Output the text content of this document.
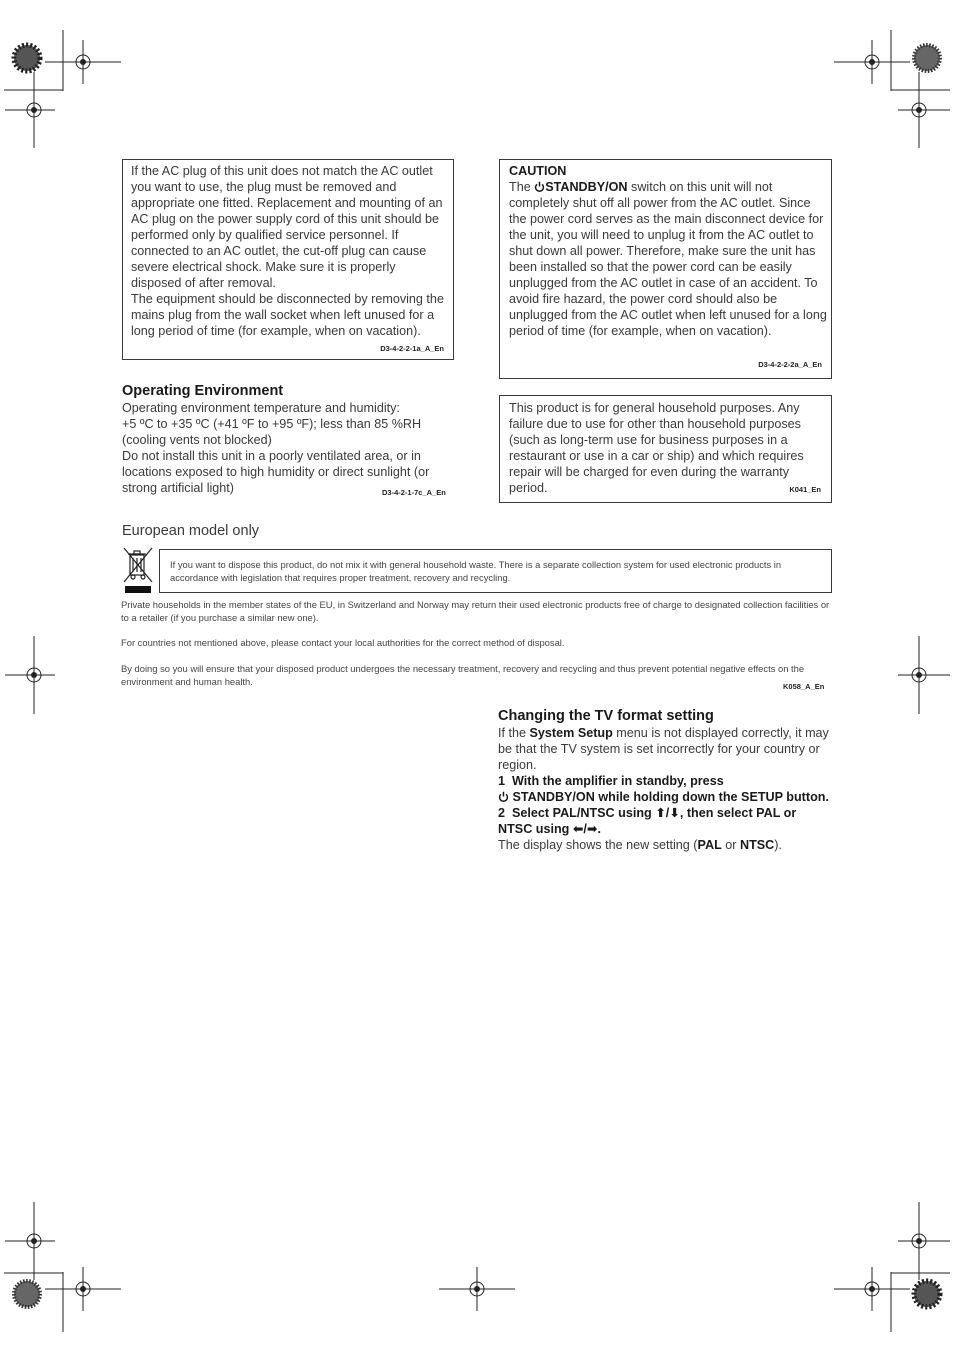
If the AC plug of this unit does not match the AC outlet you want to use, the plug must be removed and appropriate one fitted. Replacement and mounting of an AC plug on the power supply cord of this unit should be performed only by qualified service personnel. If connected to an AC outlet, the cut-off plug can cause severe electrical shock. Make sure it is properly disposed of after removal.
The equipment should be disconnected by removing the mains plug from the wall socket when left unused for a long period of time (for example, when on vacation).
D3-4-2-2-1a_A_En
CAUTION
The STANDBY/ON switch on this unit will not completely shut off all power from the AC outlet. Since the power cord serves as the main disconnect device for the unit, you will need to unplug it from the AC outlet to shut down all power. Therefore, make sure the unit has been installed so that the power cord can be easily unplugged from the AC outlet in case of an accident. To avoid fire hazard, the power cord should also be unplugged from the AC outlet when left unused for a long period of time (for example, when on vacation).
D3-4-2-2-2a_A_En
Operating Environment
Operating environment temperature and humidity:
+5 ºC to +35 ºC (+41 ºF to +95 ºF); less than 85 %RH (cooling vents not blocked)
Do not install this unit in a poorly ventilated area, or in locations exposed to high humidity or direct sunlight (or strong artificial light)	D3-4-2-1-7c_A_En
This product is for general household purposes. Any failure due to use for other than household purposes (such as long-term use for business purposes in a restaurant or use in a car or ship) and which requires repair will be charged for even during the warranty period.	K041_En
European model only
If you want to dispose this product, do not mix it with general household waste. There is a separate collection system for used electronic products in accordance with legislation that requires proper treatment, recovery and recycling.
Private households in the member states of the EU, in Switzerland and Norway may return their used electronic products free of charge to designated collection facilities or to a retailer (if you purchase a similar new one).
For countries not mentioned above, please contact your local authorities for the correct method of disposal.
By doing so you will ensure that your disposed product undergoes the necessary treatment, recovery and recycling and thus prevent potential negative effects on the environment and human health.	K058_A_En
Changing the TV format setting
If the System Setup menu is not displayed correctly, it may be that the TV system is set incorrectly for your country or region.
1 With the amplifier in standby, press
STANDBY/ON while holding down the SETUP button.
2 Select PAL/NTSC using ⬆/⬇, then select PAL or NTSC using ⬅/➡.
The display shows the new setting (PAL or NTSC).
